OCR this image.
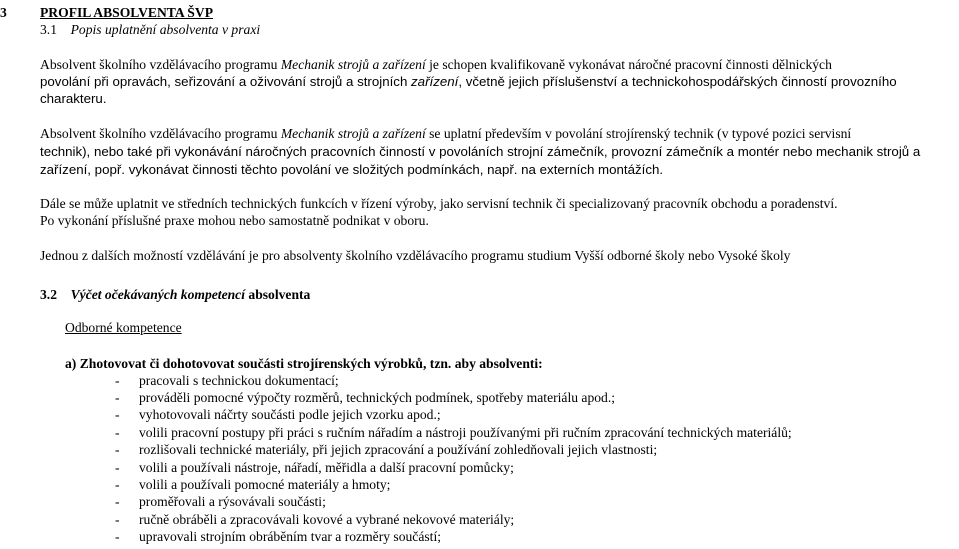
3 PROFIL ABSOLVENTA ŠVP
3.1 Popis uplatnění absolventa v praxi
Absolvent školního vzdělávacího programu Mechanik strojů a zařízení je schopen kvalifikovaně vykonávat náročné pracovní činnosti dělnických
povolání při opravách, seřizování a oživování strojů a strojních zařízení, včetně jejich příslušenství a technickohospodářských činností provozního
charakteru.
Absolvent školního vzdělávacího programu Mechanik strojů a zařízení se uplatní především v povolání strojírenský technik (v typové pozici servisní
technik), nebo také při vykonávání náročných pracovních činností v povoláních strojní zámečník, provozní zámečník a montér nebo mechanik strojů a
zařízení, popř. vykonávat činnosti těchto povolání ve složitých podmínkách, např. na externích montážích.
Dále se může uplatnit ve středních technických funkcích v řízení výroby, jako servisní technik či specializovaný pracovník obchodu a poradenství.
Po vykonání příslušné praxe mohou nebo samostatně podnikat v oboru.
Jednou z dalších možností vzdělávání je pro absolventy školního vzdělávacího programu studium Vyšší odborné školy nebo Vysoké školy
3.2 Výčet očekávaných kompetencí absolventa
Odborné kompetence
a) Zhotovovat či dohotovovat součásti strojírenských výrobků, tzn. aby absolventi:
- pracovali s technickou dokumentací;
- prováděli pomocné výpočty rozměrů, technických podmínek, spotřeby materiálu apod.;
- vyhotovovali náčrty součásti podle jejich vzorku apod.;
- volili pracovní postupy při práci s ručním nářadím a nástroji používanými při ručním zpracování technických materiálů;
- rozlišovali technické materiály, při jejich zpracování a používání zohledňovali jejich vlastnosti;
- volili a používali nástroje, nářadí, měřidla a další pracovní pomůcky;
- volili a používali pomocné materiály a hmoty;
- proměřovali a rýsovávali součásti;
- ručně obráběli a zpracovávali kovové a vybrané nekovové materiály;
- upravovali strojním obráběním tvar a rozměry součástí;
